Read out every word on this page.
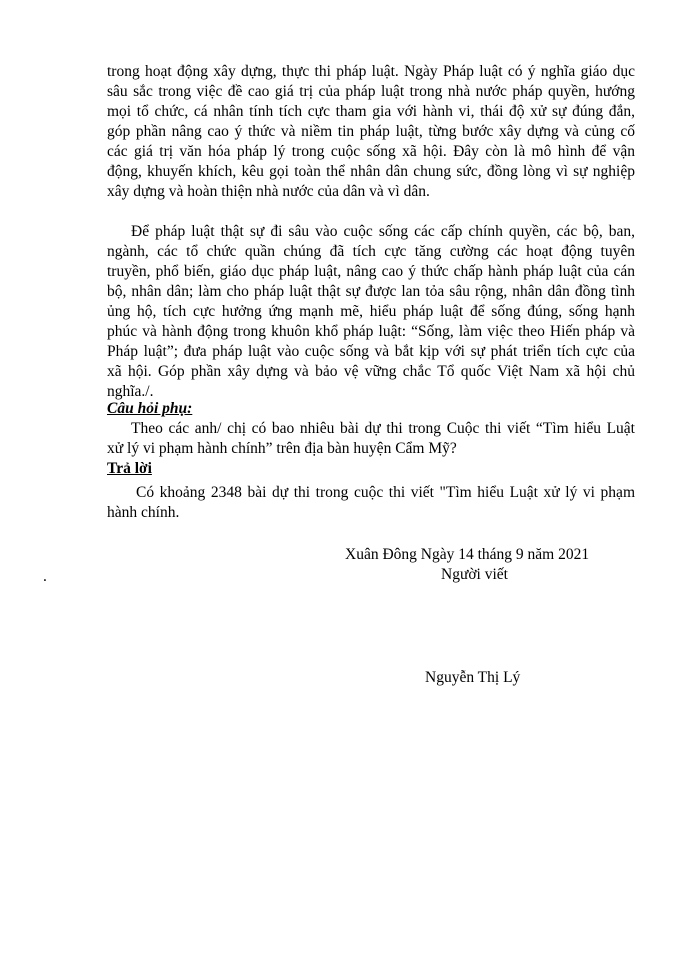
trong hoạt động xây dựng, thực thi pháp luật. Ngày Pháp luật có ý nghĩa giáo dục
sâu sắc trong việc đề cao giá trị của pháp luật trong nhà nước pháp quyền, hướng
mọi tổ chức, cá nhân tính tích cực tham gia với hành vi, thái độ xử sự đúng đắn,
góp phần nâng cao ý thức và niềm tin pháp luật, từng bước xây dựng và củng cố
các giá trị văn hóa pháp lý trong cuộc sống xã hội. Đây còn là mô hình để vận
động, khuyến khích, kêu gọi toàn thể nhân dân chung sức, đồng lòng vì sự nghiệp
xây dựng và hoàn thiện nhà nước của dân và vì dân.
Để pháp luật thật sự đi sâu vào cuộc sống các cấp chính quyền, các bộ, ban,
ngành, các tổ chức quần chúng đã tích cực tăng cường các hoạt động tuyên
truyền, phổ biến, giáo dục pháp luật, nâng cao ý thức chấp hành pháp luật của cán
bộ, nhân dân; làm cho pháp luật thật sự được lan tỏa sâu rộng, nhân dân đồng tình
ủng hộ, tích cực hưởng ứng mạnh mẽ, hiểu pháp luật để sống đúng, sống hạnh
phúc và hành động trong khuôn khổ pháp luật: “Sống, làm việc theo Hiến pháp và
Pháp luật”; đưa pháp luật vào cuộc sống và bắt kịp với sự phát triển tích cực của
xã hội. Góp phần xây dựng và bảo vệ vững chắc Tổ quốc Việt Nam xã hội chủ
nghĩa./.
Câu hỏi phụ:
Theo các anh/ chị có bao nhiêu bài dự thi trong Cuộc thi viết “Tìm hiểu Luật
xử lý vi phạm hành chính” trên địa bàn huyện Cẩm Mỹ?
Trả lời
Có khoảng 2348 bài dự thi trong cuộc thi viết "Tìm hiểu Luật xử lý vi phạm
hành chính.
Xuân Đông Ngày 14 tháng 9 năm 2021
Người viết
.
Nguyễn Thị Lý
